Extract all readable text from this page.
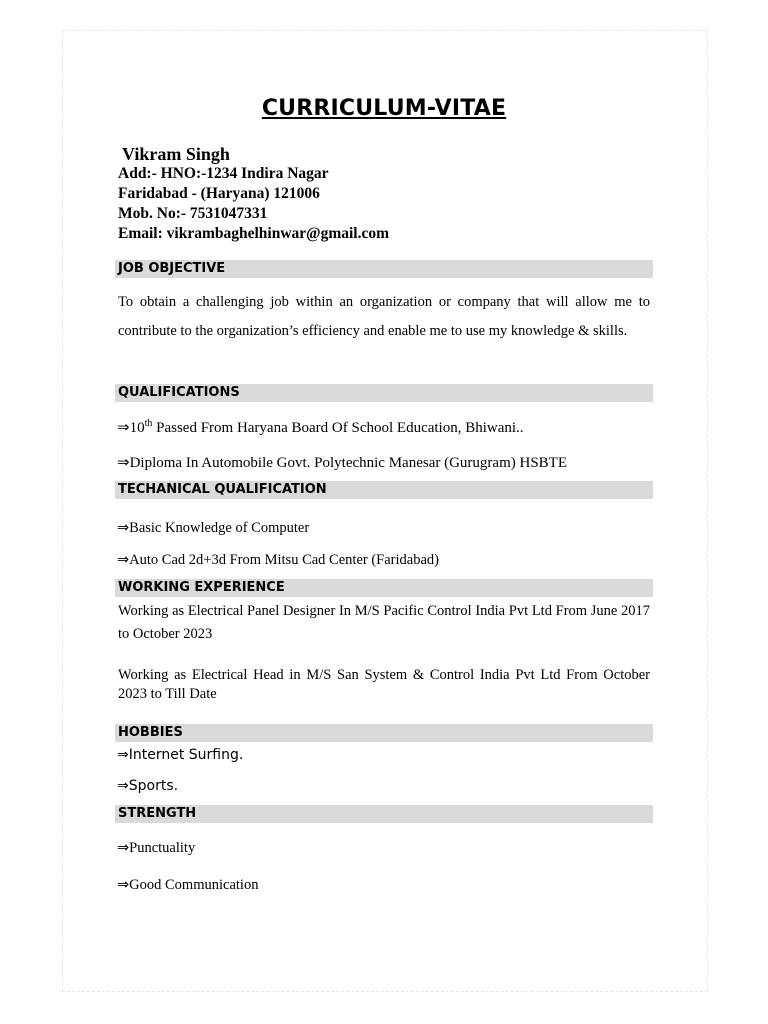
CURRICULUM-VITAE
Vikram Singh
Add:- HNO:-1234 Indira Nagar
Faridabad - (Haryana) 121006
Mob. No:- 7531047331
Email: vikrambaghelhinwar@gmail.com
JOB OBJECTIVE
To obtain a challenging job within an organization or company that will allow me to contribute to the organization’s efficiency and enable me to use my knowledge & skills.
QUALIFICATIONS
⇒10th Passed From Haryana Board Of School Education, Bhiwani..
⇒Diploma In Automobile Govt. Polytechnic Manesar (Gurugram) HSBTE
TECHANICAL QUALIFICATION
⇒Basic Knowledge of Computer
⇒Auto Cad 2d+3d From Mitsu Cad Center (Faridabad)
WORKING EXPERIENCE
Working as Electrical Panel Designer In M/S Pacific Control India Pvt Ltd From June 2017 to October 2023
Working as Electrical Head in M/S San System & Control India Pvt Ltd From October 2023 to Till Date
HOBBIES
⇒Internet Surfing.
⇒Sports.
STRENGTH
⇒Punctuality
⇒Good Communication
